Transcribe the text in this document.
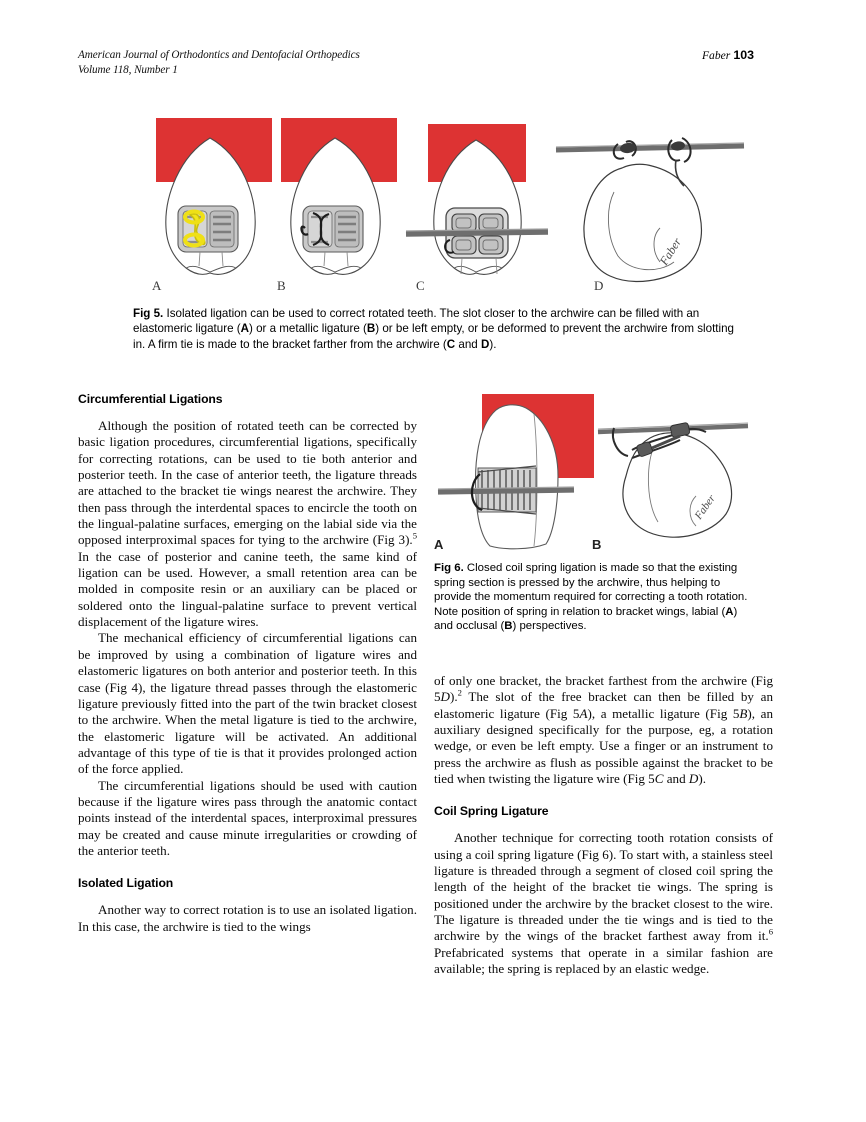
American Journal of Orthodontics and Dentofacial Orthopedics
Volume 118, Number 1
Faber 103
A	B	C
Faber
D
Fig 5. Isolated ligation can be used to correct rotated teeth. The slot closer to the archwire can be filled with an elastomeric ligature (A) or a metallic ligature (B) or be left empty, or be deformed to prevent the archwire from slotting in. A firm tie is made to the bracket farther from the archwire (C and D).
Circumferential Ligations

Although the position of rotated teeth can be corrected by basic ligation procedures, circumferential ligations, specifically for correcting rotations, can be used to tie both anterior and posterior teeth. In the case of anterior teeth, the ligature threads are attached to the bracket tie wings nearest the archwire. They then pass through the interdental spaces to encircle the tooth on the lingual-palatine surfaces, emerging on the labial side via the opposed interproximal spaces for tying to the archwire (Fig 3).$^5$ In the case of posterior and canine teeth, the same kind of ligation can be used. However, a small retention area can be molded in composite resin or an auxiliary can be placed or soldered onto the lingual-palatine surface to prevent vertical displacement of the ligature wires.

The mechanical efficiency of circumferential ligations can be improved by using a combination of ligature wires and elastomeric ligatures on both anterior and posterior teeth. In this case (Fig 4), the ligature thread passes through the elastomeric ligature previously fitted into the part of the twin bracket closest to the archwire. When the metal ligature is tied to the archwire, the elastomeric ligature will be activated. An additional advantage of this type of tie is that it provides prolonged action of the force applied.

The circumferential ligations should be used with caution because if the ligature wires pass through the anatomic contact points instead of the interdental spaces, interproximal pressures may be created and cause minute irregularities or crowding of the anterior teeth.

Isolated Ligation

Another way to correct rotation is to use an isolated ligation. In this case, the archwire is tied to the wings

A
Faber
B
Fig 6. Closed coil spring ligation is made so that the existing spring section is pressed by the archwire, thus helping to provide the momentum required for correcting a tooth rotation. Note position of spring in relation to bracket wings, labial (A) and occlusal (B) perspectives.

of only one bracket, the bracket farthest from the archwire (Fig 5D).$^2$ The slot of the free bracket can then be filled by an elastomeric ligature (Fig 5A), a metallic ligature (Fig 5B), an auxiliary designed specifically for the purpose, eg, a rotation wedge, or even be left empty. Use a finger or an instrument to press the archwire as flush as possible against the bracket to be tied when twisting the ligature wire (Fig 5C and D).

Coil Spring Ligature

Another technique for correcting tooth rotation consists of using a coil spring ligature (Fig 6). To start with, a stainless steel ligature is threaded through a segment of closed coil spring the length of the height of the bracket tie wings. The spring is positioned under the archwire by the bracket closest to the wire. The ligature is threaded under the tie wings and is tied to the archwire by the wings of the bracket farthest away from it.$^6$ Prefabricated systems that operate in a similar fashion are available; the spring is replaced by an elastic wedge.
